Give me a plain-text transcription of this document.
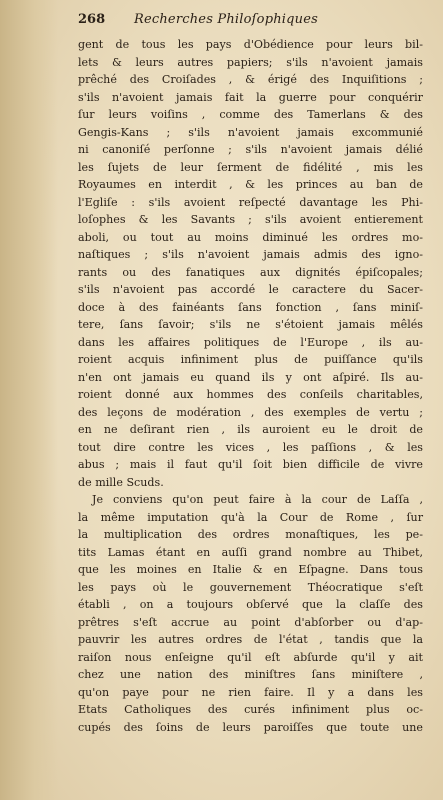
268	Recherches Philoſophiques
gent de tous les pays d'Obédience pour leurs bil-
lets & leurs autres papiers; s'ils n'avoient jamais
prêché des Croiſades , & érigé des Inquiſitions ;
s'ils n'avoient jamais fait la guerre pour conquérir
ſur leurs voiſins , comme des Tamerlans & des
Gengis-Kans ; s'ils n'avoient jamais excommunié
ni canoniſé perſonne ; s'ils n'avoient jamais délié
les ſujets de leur ſerment de fidélité , mis les
Royaumes en interdit , & les princes au ban de
l'Egliſe : s'ils avoient reſpecté davantage les Phi-
loſophes & les Savants ; s'ils avoient entierement
aboli, ou tout au moins diminué les ordres mo-
naſtiques ; s'ils n'avoient jamais admis des igno-
rants ou des fanatiques aux dignités épiſcopales;
s'ils n'avoient pas accordé le caractere du Sacer-
doce à des fainéants ſans fonction , ſans miniſ-
tere, ſans ſavoir; s'ils ne s'étoient jamais mêlés
dans les affaires politiques de l'Europe , ils au-
roient acquis infiniment plus de puiſſance qu'ils
n'en ont jamais eu quand ils y ont aſpiré. Ils au-
roient donné aux hommes des conſeils charitables,
des leçons de modération , des exemples de vertu ;
en ne deſirant rien , ils auroient eu le droit de
tout dire contre les vices , les paſſions , & les
abus ; mais il faut qu'il ſoit bien difficile de vivre
de mille Scuds.
Je conviens qu'on peut faire à la cour de Laſſa ,
la même imputation qu'à la Cour de Rome , ſur
la multiplication des ordres monaſtiques, les pe-
tits Lamas étant en auſſi grand nombre au Thibet,
que les moines en Italie & en Eſpagne. Dans tous
les pays où le gouvernement Théocratique s'eſt
établi , on a toujours obſervé que la claſſe des
prêtres s'eſt accrue au point d'abſorber ou d'ap-
pauvrir les autres ordres de l'état , tandis que la
raiſon nous enſeigne qu'il eſt abſurde qu'il y ait
chez une nation des miniſtres ſans miniſtere ,
qu'on paye pour ne rien faire. Il y a dans les
Etats Catholiques des curés infiniment plus oc-
cupés des ſoins de leurs paroiſſes que toute une
